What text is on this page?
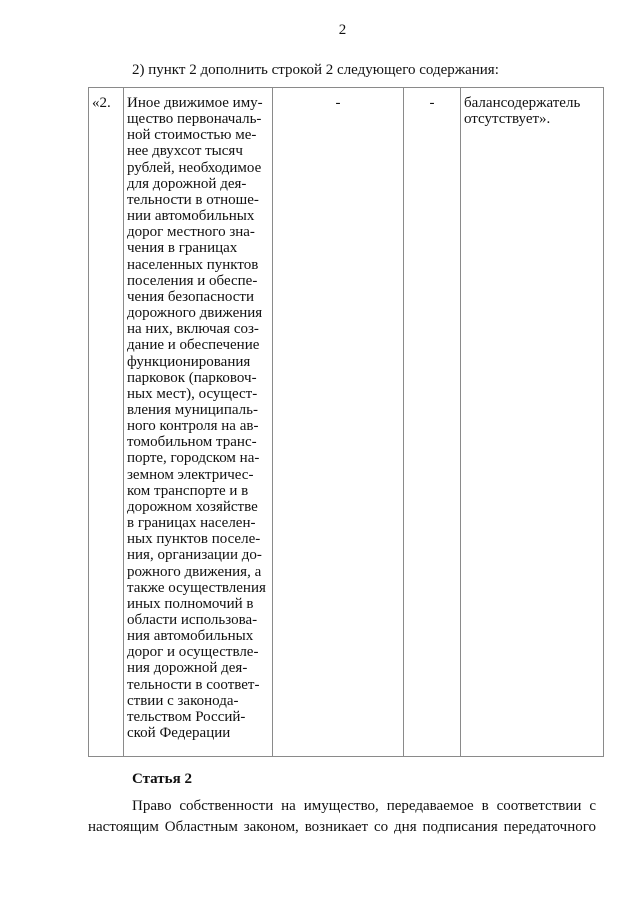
2
2) пункт 2 дополнить строкой 2 следующего содержания:
«2.	Иное движимое иму-
щество первоначаль-
ной стоимостью ме-
нее двухсот тысяч
рублей, необходимое
для дорожной дея-
тельности в отноше-
нии автомобильных
дорог местного зна-
чения в границах
населенных пунктов
поселения и обеспе-
чения безопасности
дорожного движения
на них, включая соз-
дание и обеспечение
функционирования
парковок (парковоч-
ных мест), осущест-
вления муниципаль-
ного контроля на ав-
томобильном транс-
порте, городском на-
земном электричес-
ком транспорте и в
дорожном хозяйстве
в границах населен-
ных пунктов поселе-
ния, организации до-
рожного движения, а
также осуществления
иных полномочий в
области использова-
ния автомобильных
дорог и осуществле-
ния дорожной дея-
тельности в соответ-
ствии с законода-
тельством Россий-
ской Федерации
	-	-	балансодержатель
отсутствует».
Статья 2
Право собственности на имущество, передаваемое в соответствии с настоящим Областным законом, возникает со дня подписания передаточного
